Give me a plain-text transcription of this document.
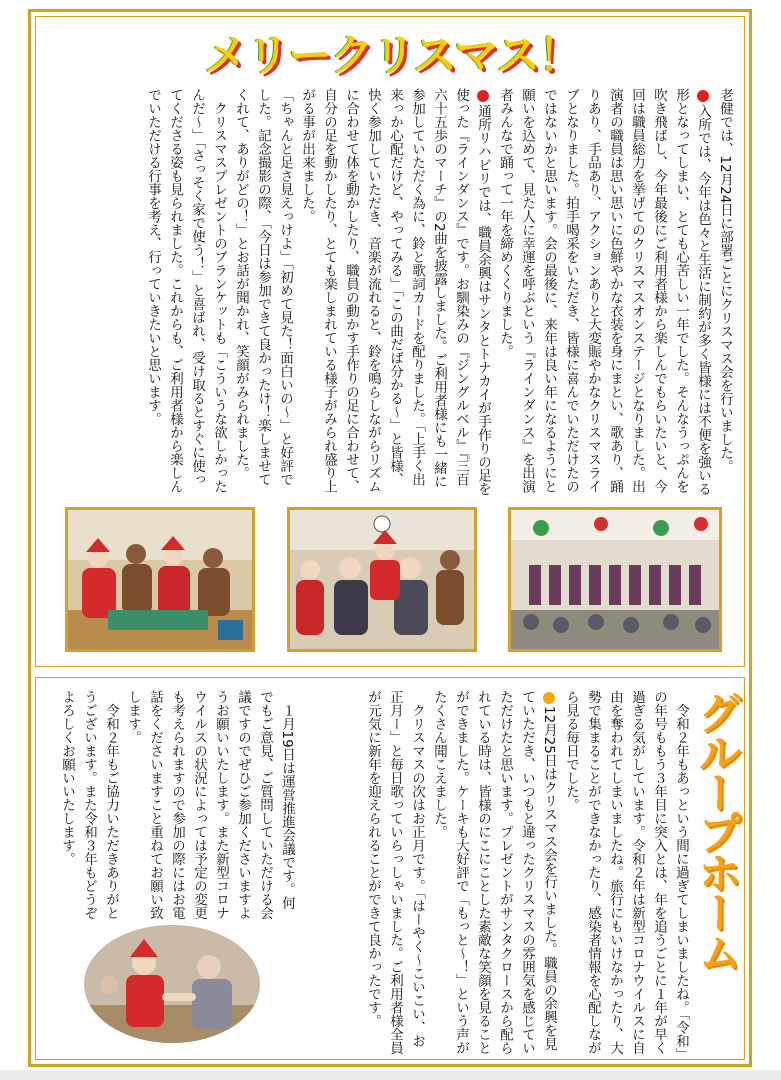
メリークリスマス！
老健では、12月24日に部署ごとにクリスマス会を行いました。
入所では、今年は色々と生活に制約が多く皆様には不便を強いる形となってしまい、とても心苦しい一年でした。そんなうっぷんを吹き飛ばし、今年最後にご利用者様から楽しんでもらいたいと、今回は職員総力を挙げてのクリスマスオンステージとなりました。出演者の職員は思い思いに色鮮やかな衣装を身にまとい、歌あり、踊りあり、手品あり、アクションありと大変賑やかなクリスマスライブとなりました。拍手喝采をいただき、皆様に喜んでいただけたのではないかと思います。会の最後に、来年は良い年になるようにと願いを込めて、見た人に幸運を呼ぶという『ラインダンス』を出演者みんなで踊って一年を締めくくりました。
通所リハビリでは、職員余興はサンタとトナカイが手作りの足を使った『ラインダンス』です。お馴染みの『ジングルベル』『三百六十五歩のマーチ』の2曲を披露しました。ご利用者様にも一緒に参加していただく為に、鈴と歌詞カードを配りました。「上手く出来っか心配だけど、やってみる」「この曲だば分かる～」と皆様、快く参加していただき、音楽が流れると、鈴を鳴らしながらリズムに合わせて体を動かしたり、職員の動かす手作りの足に合わせて、自分の足を動かしたり、とても楽しまれている様子がみられ盛り上がる事が出来ました。
「ちゃんと足さ見えっけよ」「初めて見た！面白いの～」と好評でした。記念撮影の際、「今日は参加できて良かったけ！楽しませてくれて、ありがどの！」とお話が聞かれ、笑顔がみられました。
　クリスマスプレゼントのブランケットも「こういうな欲しかったんだ～」「さっそく家で使う！」と喜ばれ、受け取るとすぐに使ってくださる姿も見られました。これからも、ご利用者様から楽しんでいただける行事を考え、行っていきたいと思います。
グループホーム
　令和２年もあっという間に過ぎてしまいましたね。「令和」の年号ももう３年目に突入とは、年を追うごとに１年が早く過ぎる気がしています。令和２年は新型コロナウイルスに自由を奪われてしまいましたね。旅行にもいけなかったり、大勢で集まることができなかったり、感染者情報を心配しながら見る毎日でした。
12月25日はクリスマス会を行いました。職員の余興を見ていただき、いつもと違ったクリスマスの雰囲気を感じていただけたと思います。プレゼントがサンタクロースから配られている時は、皆様のにこにことした素敵な笑顔を見ることができました。ケーキも大好評で「もっと～！」という声がたくさん聞こえました。
　クリスマスの次はお正月です。「はーやく～こいこい、お正月ー」と毎日歌っていらっしゃいました。ご利用者様全員が元気に新年を迎えられることができて良かったです。
　１月19日は運営推進会議です。何でもご意見、ご質問していただける会議ですのでぜひご参加くださいますようお願いいたします。また新型コロナウイルスの状況によっては予定の変更も考えられますので参加の際にはお電話をくださいますこと重ねてお願い致します。
　令和２年もご協力いただきありがとうございます。また令和３年もどうぞよろしくお願いいたします。
